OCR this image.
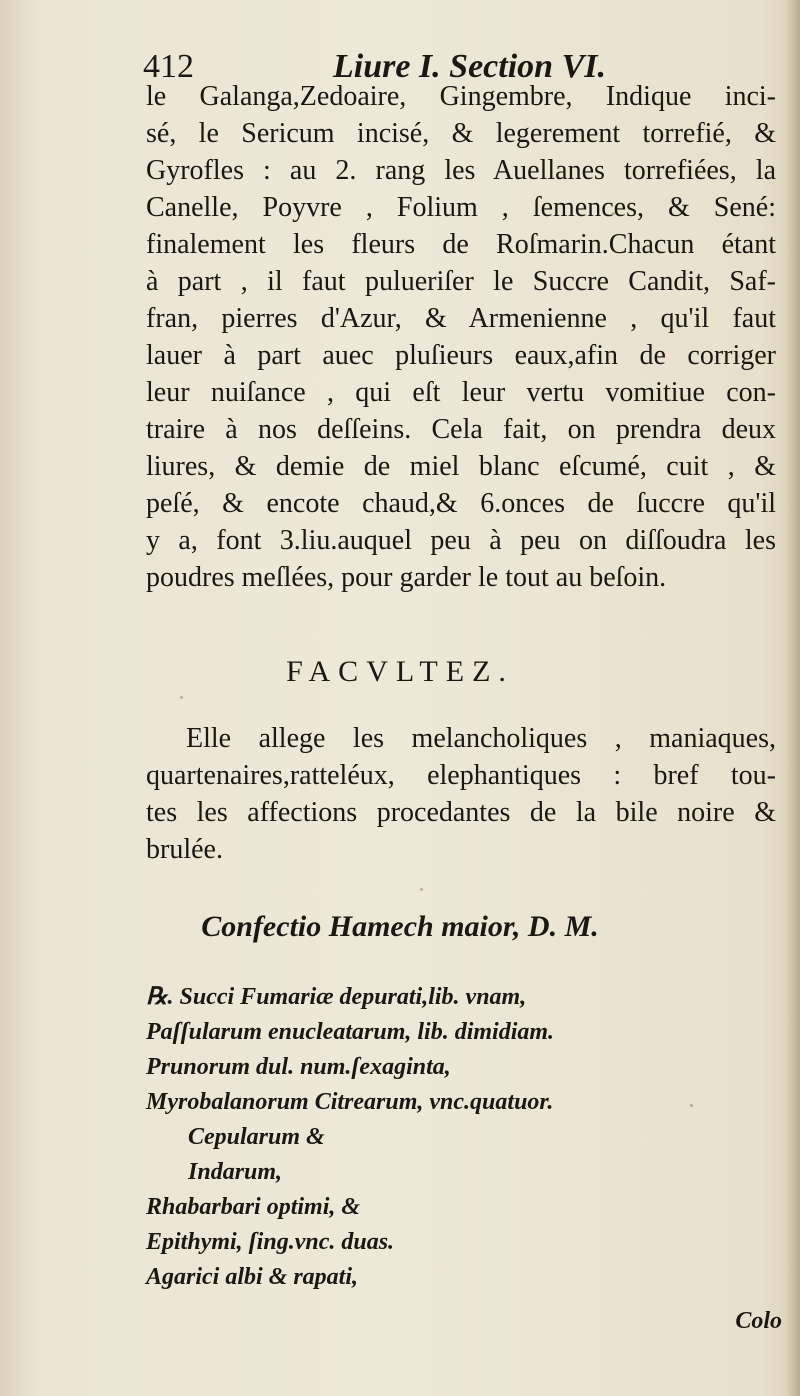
412	Liure I. Section VI.
le Galanga,Zedoaire, Gingembre, Indique inci-
sé, le Sericum incisé, & legerement torrefié, &
Gyrofles : au 2. rang les Auellanes torrefiées, la
Canelle, Poyvre , Folium , ſemences, & Sené:
finalement les fleurs de Roſmarin.Chacun étant
à part , il faut pulueriſer le Succre Candit, Saf-
fran, pierres d'Azur, & Armenienne , qu'il faut
lauer à part auec pluſieurs eaux,afin de corriger
leur nuiſance , qui eſt leur vertu vomitiue con-
traire à nos deſſeins. Cela fait, on prendra deux
liures, & demie de miel blanc eſcumé, cuit , &
peſé, & encote chaud,& 6.onces de ſuccre qu'il
y a, font 3.liu.auquel peu à peu on diſſoudra les
poudres meſlées, pour garder le tout au beſoin.
FACVLTEZ.
Elle allege les melancholiques , maniaques,
quartenaires,ratteléux, elephantiques : bref tou-
tes les affections procedantes de la bile noire &
brulée.
Confectio Hamech maior, D. M.
℞. Succi Fumariæ depurati,lib. vnam,
Paſſularum enucleatarum, lib. dimidiam.
Prunorum dul. num.ſexaginta,
Myrobalanorum Citrearum, vnc.quatuor.
Cepularum &
Indarum,
Rhabarbari optimi, &
Epithymi, ſing.vnc. duas.
Agarici albi & rapati,
Colo
